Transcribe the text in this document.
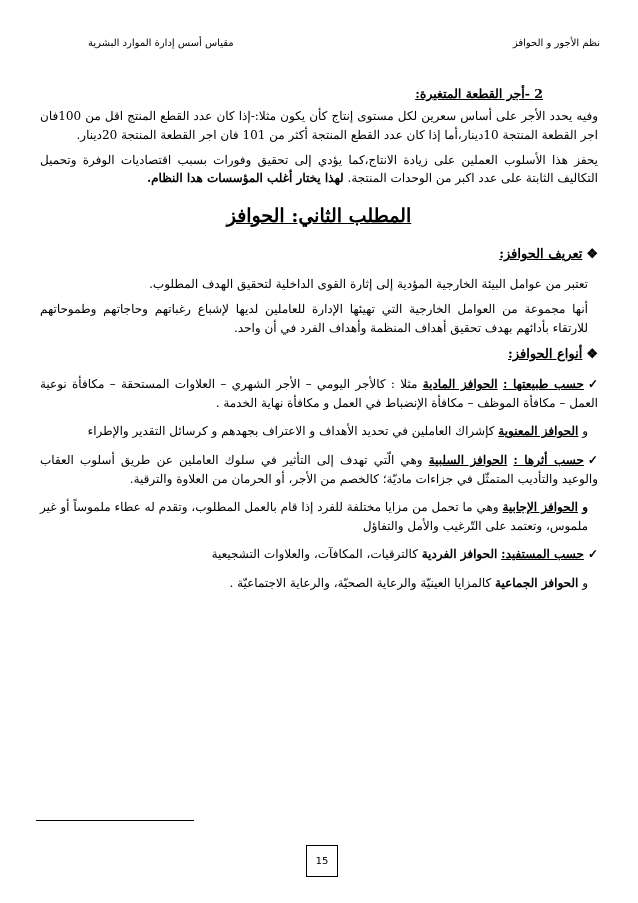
نظم الأجور و الحوافز
مقياس أسس إدارة الموارد البشرية
2 -أجر القطعة المتغيرة:

وفيه يحدد الأجر على أساس سعرين لكل مستوى إنتاج كأن يكون مثلا:-إذا كان عدد القطع المنتج اقل من 100فان اجر القطعة المنتجة 10دينار،أما إذا كان عدد القطع المنتجة أكثر من 101 فان اجر القطعة المنتجة 20دينار.

يحفز هذا الأسلوب العملين على زيادة الانتاج،كما يؤدي إلى تحقيق وفورات بسبب اقتصاديات الوفرة وتحميل التكاليف الثابتة على عدد اكبر من الوحدات المنتجة. لهذا يختار أغلب المؤسسات هدا النظام.

المطلب الثاني: الحوافز
❖تعريف الحوافز:

تعتبر من عوامل البيئة الخارجية المؤدية إلى إثارة القوى الداخلية لتحقيق الهدف المطلوب.

أنها مجموعة من العوامل الخارجية التي تهيئها الإدارة للعاملين لديها لإشباع رغباتهم وحاجاتهم وطموحاتهم للارتقاء بأدائهم بهدف تحقيق أهداف المنظمة وأهداف الفرد في أن واحد.

❖أنواع الحوافز:
✓حسب طبيعتها : الحوافز المادية مثلا : كالأجر اليومي – الأجر الشهري – العلاوات المستحقة – مكافأة نوعية العمل – مكافأة الموظف – مكافأة الإنضباط في العمل و مكافأة نهاية الخدمة .
و الحوافز المعنوية كإشراك العاملين في تحديد الأهداف و الاعتراف بجهدهم و كرسائل التقدير والإطراء
✓حسب أثرها : الحوافز السلبية وهي الّتي تهدف إلى التأثير في سلوك العاملين عن طريق أسلوب العقاب والوعيد والتأديب المتمثّل في جزاءات ماديّة؛ كالخصم من الأجر، أو الحرمان من العلاوة والترقية.
و الحوافز الإجابية وهي ما تحمل من مزايا مختلفة للفرد إذا قام بالعمل المطلوب، وتقدم له عطاء ملموساً أو غير ملموس، وتعتمد على التّرغيب والأمل والتفاؤل
✓حسب المستفيد: الحوافز الفردية كالترقيات، المكافآت، والعلاوات التشجيعية
و الحوافز الجماعية كالمزايا العينيّة والرعاية الصحيّة، والرعاية الاجتماعيّة .
15
